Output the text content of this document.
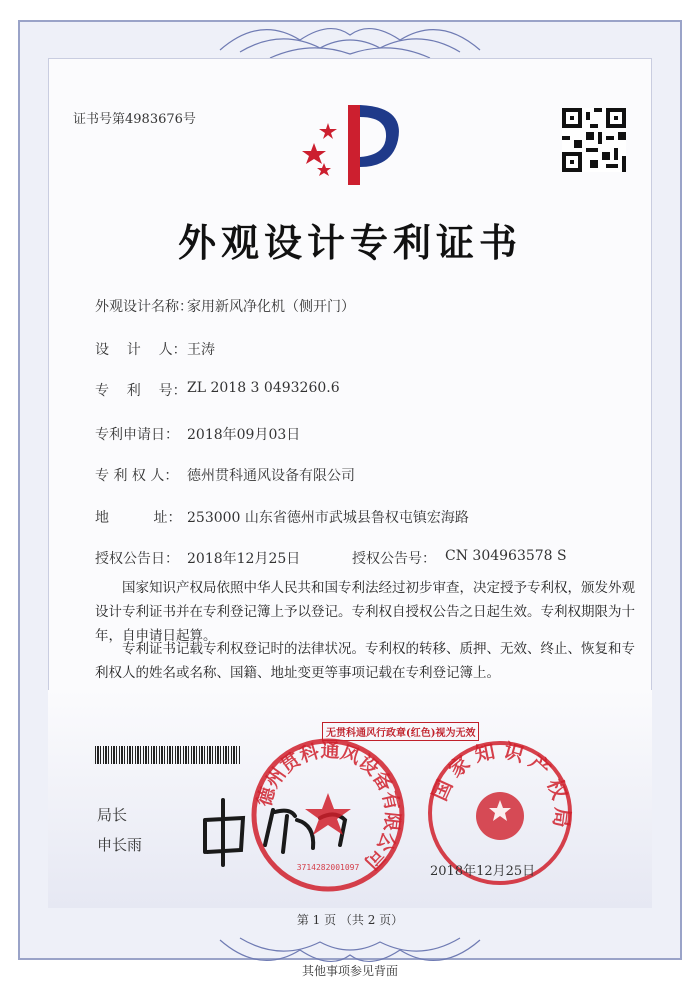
证书号第4983676号
外观设计专利证书
外观设计名称：
家用新风净化机（侧开门）
设    计    人： 王涛
专    利    号： ZL 2018 3 0493260.6
专利申请日： 2018年09月03日
专 利 权 人： 德州贯科通风设备有限公司
地          址： 253000 山东省德州市武城县鲁权屯镇宏海路
授权公告日： 2018年12月25日	授权公告号： CN 304963578 S
国家知识产权局依照中华人民共和国专利法经过初步审查，决定授予专利权，颁发外观设计专利证书并在专利登记簿上予以登记。专利权自授权公告之日起生效。专利权期限为十年，自申请日起算。
专利证书记载专利权登记时的法律状况。专利权的转移、质押、无效、终止、恢复和专利权人的姓名或名称、国籍、地址变更等事项记载在专利登记簿上。
无贯科通风行政章(红色)视为无效
局长
申长雨
德州贯科通风设备有限公司
3714282001097
国家知识产权局
2018年12月25日
第 1 页 （共 2 页）
其他事项参见背面
